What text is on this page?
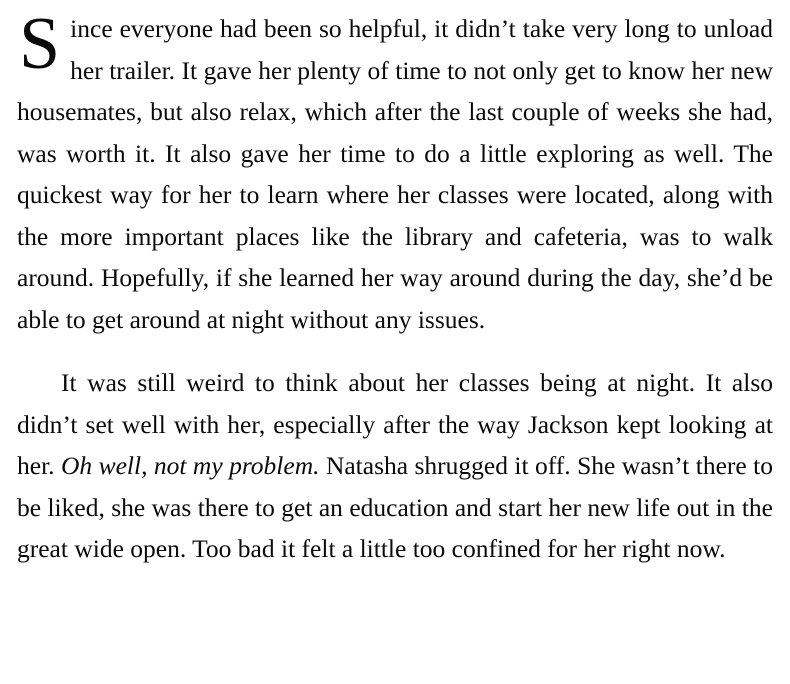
Since everyone had been so helpful, it didn’t take very long to unload her trailer. It gave her plenty of time to not only get to know her new housemates, but also relax, which after the last couple of weeks she had, was worth it. It also gave her time to do a little exploring as well. The quickest way for her to learn where her classes were located, along with the more important places like the library and cafeteria, was to walk around. Hopefully, if she learned her way around during the day, she’d be able to get around at night without any issues.

It was still weird to think about her classes being at night. It also didn’t set well with her, especially after the way Jackson kept looking at her. Oh well, not my problem. Natasha shrugged it off. She wasn’t there to be liked, she was there to get an education and start her new life out in the great wide open. Too bad it felt a little too confined for her right now.
